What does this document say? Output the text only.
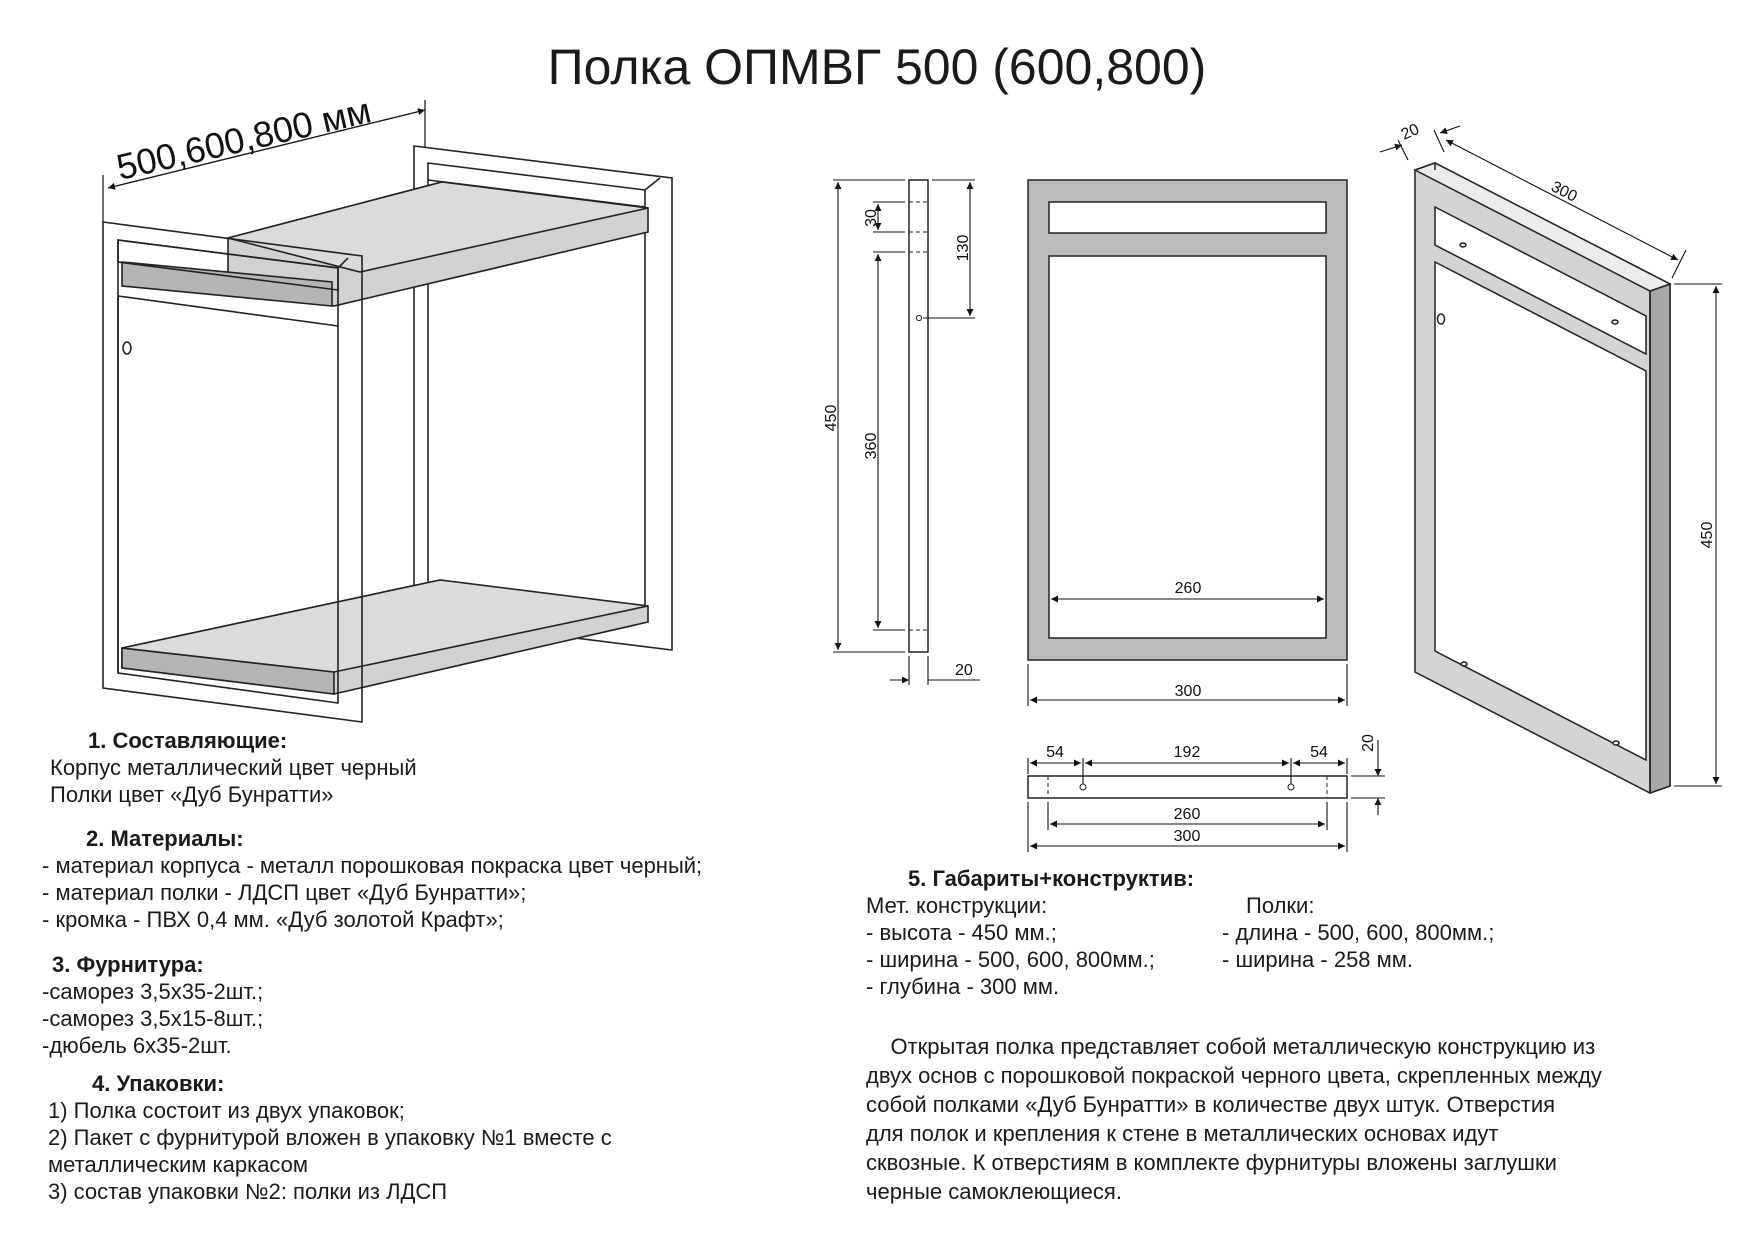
Полка ОПМВГ 500 (600,800)
500,600,800 мм
450
30
360
130
20
260
300
54	192	54
20
260
300
20
300
450
1. Составляющие:
Корпус металлический цвет черный
Полки цвет «Дуб Бунратти»
2. Материалы:
- материал корпуса - металл порошковая покраска цвет черный;
- материал полки - ЛДСП цвет «Дуб Бунратти»;
- кромка - ПВХ 0,4 мм. «Дуб золотой Крафт»;
3. Фурнитура:
-саморез 3,5х35-2шт.;
-саморез 3,5х15-8шт.;
-дюбель 6х35-2шт.
4. Упаковки:
1) Полка состоит из двух упаковок;
2) Пакет с фурнитурой вложен в упаковку №1 вместе с
металлическим каркасом
3) состав упаковки №2: полки из ЛДСП
5. Габариты+конструктив:
Мет. конструкции:
- высота - 450 мм.;
- ширина - 500, 600, 800мм.;
- глубина - 300 мм.
Полки:
- длина - 500, 600, 800мм.;
- ширина - 258 мм.
Открытая полка представляет собой металлическую конструкцию из
двух основ с порошковой покраской черного цвета, скрепленных между
собой полками «Дуб Бунратти» в количестве двух штук. Отверстия
для полок и крепления к стене в металлических основах идут
сквозные. К отверстиям в комплекте фурнитуры вложены заглушки
черные самоклеющиеся.
